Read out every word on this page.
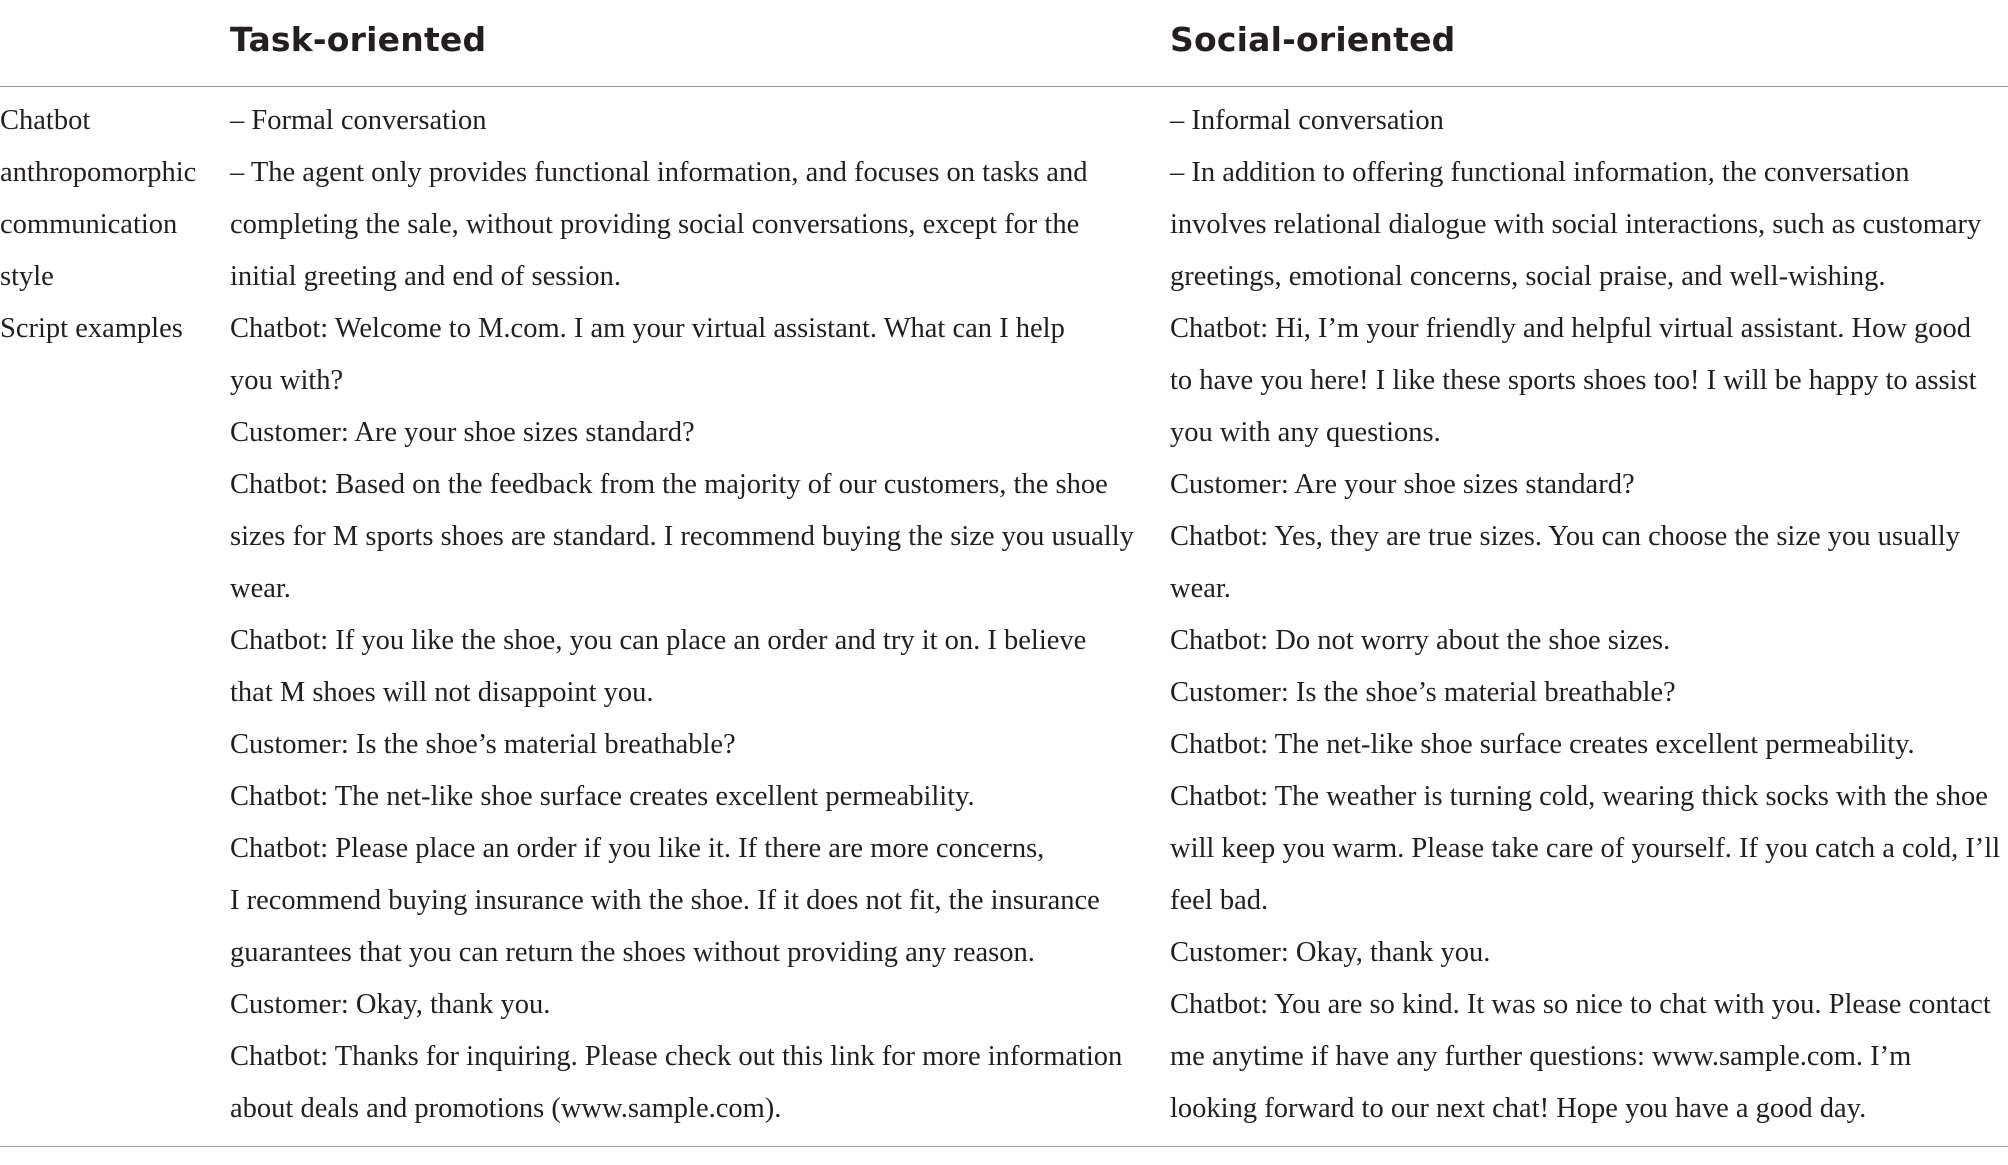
Task-oriented	Social-oriented
Chatbot
anthropomorphic
communication
style
– Formal conversation
– The agent only provides functional information, and focuses on tasks and
completing the sale, without providing social conversations, except for the
initial greeting and end of session.
– Informal conversation
– In addition to offering functional information, the conversation
involves relational dialogue with social interactions, such as customary
greetings, emotional concerns, social praise, and well-wishing.
Script examples	Chatbot: Welcome to M.com. I am your virtual assistant. What can I help
you with?
Customer: Are your shoe sizes standard?
Chatbot: Based on the feedback from the majority of our customers, the shoe
sizes for M sports shoes are standard. I recommend buying the size you usually
wear.
Chatbot: If you like the shoe, you can place an order and try it on. I believe
that M shoes will not disappoint you.
Customer: Is the shoe’s material breathable?
Chatbot: The net-like shoe surface creates excellent permeability.
Chatbot: Please place an order if you like it. If there are more concerns,
I recommend buying insurance with the shoe. If it does not fit, the insurance
guarantees that you can return the shoes without providing any reason.
Customer: Okay, thank you.
Chatbot: Thanks for inquiring. Please check out this link for more information
about deals and promotions (www.sample.com).
Chatbot: Hi, I’m your friendly and helpful virtual assistant. How good
to have you here! I like these sports shoes too! I will be happy to assist
you with any questions.
Customer: Are your shoe sizes standard?
Chatbot: Yes, they are true sizes. You can choose the size you usually
wear.
Chatbot: Do not worry about the shoe sizes.
Customer: Is the shoe’s material breathable?
Chatbot: The net-like shoe surface creates excellent permeability.
Chatbot: The weather is turning cold, wearing thick socks with the shoe
will keep you warm. Please take care of yourself. If you catch a cold, I’ll
feel bad.
Customer: Okay, thank you.
Chatbot: You are so kind. It was so nice to chat with you. Please contact
me anytime if have any further questions: www.sample.com. I’m
looking forward to our next chat! Hope you have a good day.
